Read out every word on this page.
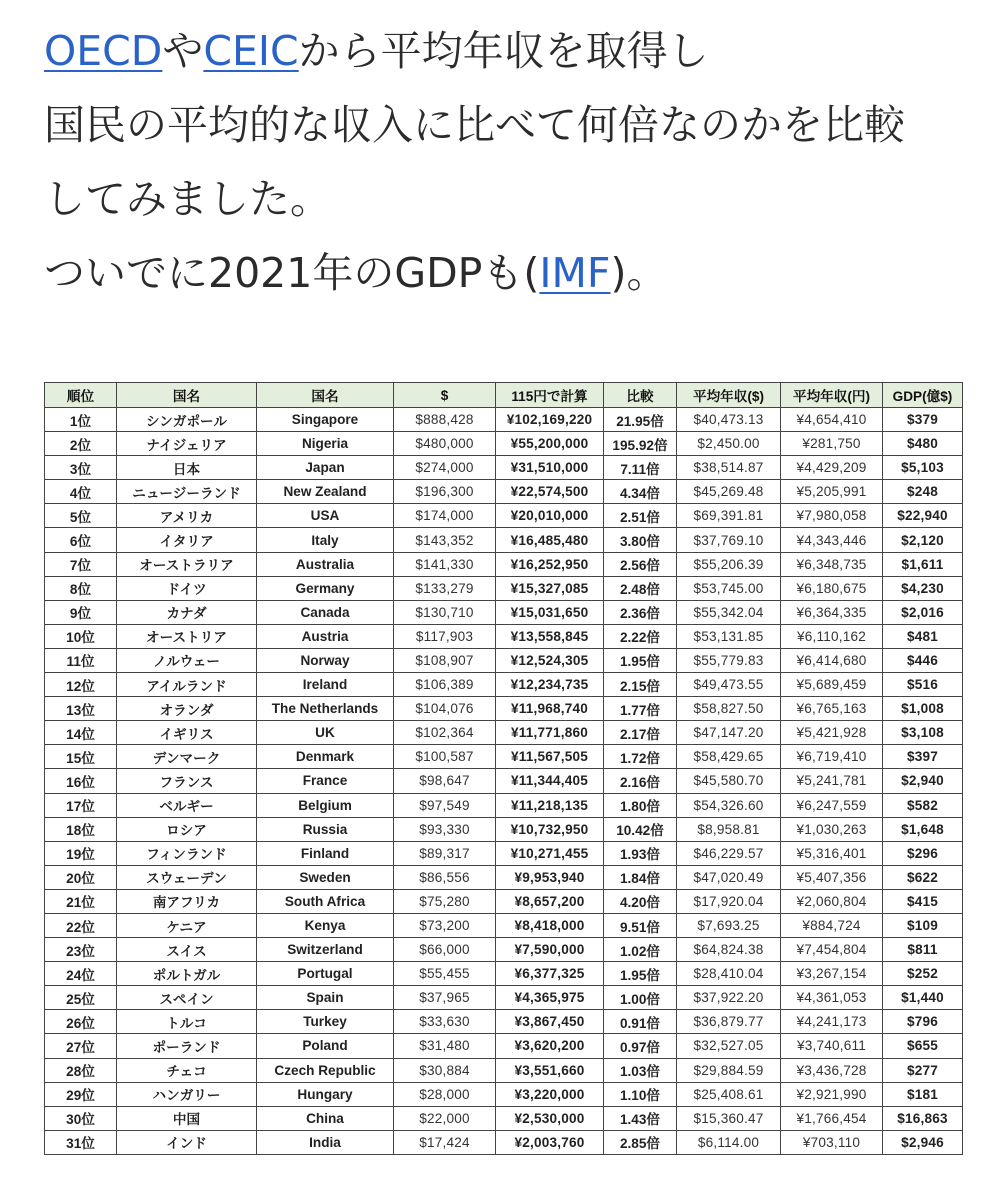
OECDやCEICから平均年収を取得し

国民の平均的な収入に比べて何倍なのかを比較

してみました。

ついでに2021年のGDPも(IMF)。

順位	国名	国名	$	115円で計算	比較	平均年収($)	平均年収(円)	GDP(億$)
1位	シンガポール	Singapore	$888,428	¥102,169,220	21.95倍	$40,473.13	¥4,654,410	$379
2位	ナイジェリア	Nigeria	$480,000	¥55,200,000	195.92倍	$2,450.00	¥281,750	$480
3位	日本	Japan	$274,000	¥31,510,000	7.11倍	$38,514.87	¥4,429,209	$5,103
4位	ニュージーランド	New Zealand	$196,300	¥22,574,500	4.34倍	$45,269.48	¥5,205,991	$248
5位	アメリカ	USA	$174,000	¥20,010,000	2.51倍	$69,391.81	¥7,980,058	$22,940
6位	イタリア	Italy	$143,352	¥16,485,480	3.80倍	$37,769.10	¥4,343,446	$2,120
7位	オーストラリア	Australia	$141,330	¥16,252,950	2.56倍	$55,206.39	¥6,348,735	$1,611
8位	ドイツ	Germany	$133,279	¥15,327,085	2.48倍	$53,745.00	¥6,180,675	$4,230
9位	カナダ	Canada	$130,710	¥15,031,650	2.36倍	$55,342.04	¥6,364,335	$2,016
10位	オーストリア	Austria	$117,903	¥13,558,845	2.22倍	$53,131.85	¥6,110,162	$481
11位	ノルウェー	Norway	$108,907	¥12,524,305	1.95倍	$55,779.83	¥6,414,680	$446
12位	アイルランド	Ireland	$106,389	¥12,234,735	2.15倍	$49,473.55	¥5,689,459	$516
13位	オランダ	The Netherlands	$104,076	¥11,968,740	1.77倍	$58,827.50	¥6,765,163	$1,008
14位	イギリス	UK	$102,364	¥11,771,860	2.17倍	$47,147.20	¥5,421,928	$3,108
15位	デンマーク	Denmark	$100,587	¥11,567,505	1.72倍	$58,429.65	¥6,719,410	$397
16位	フランス	France	$98,647	¥11,344,405	2.16倍	$45,580.70	¥5,241,781	$2,940
17位	ベルギー	Belgium	$97,549	¥11,218,135	1.80倍	$54,326.60	¥6,247,559	$582
18位	ロシア	Russia	$93,330	¥10,732,950	10.42倍	$8,958.81	¥1,030,263	$1,648
19位	フィンランド	Finland	$89,317	¥10,271,455	1.93倍	$46,229.57	¥5,316,401	$296
20位	スウェーデン	Sweden	$86,556	¥9,953,940	1.84倍	$47,020.49	¥5,407,356	$622
21位	南アフリカ	South Africa	$75,280	¥8,657,200	4.20倍	$17,920.04	¥2,060,804	$415
22位	ケニア	Kenya	$73,200	¥8,418,000	9.51倍	$7,693.25	¥884,724	$109
23位	スイス	Switzerland	$66,000	¥7,590,000	1.02倍	$64,824.38	¥7,454,804	$811
24位	ポルトガル	Portugal	$55,455	¥6,377,325	1.95倍	$28,410.04	¥3,267,154	$252
25位	スペイン	Spain	$37,965	¥4,365,975	1.00倍	$37,922.20	¥4,361,053	$1,440
26位	トルコ	Turkey	$33,630	¥3,867,450	0.91倍	$36,879.77	¥4,241,173	$796
27位	ポーランド	Poland	$31,480	¥3,620,200	0.97倍	$32,527.05	¥3,740,611	$655
28位	チェコ	Czech Republic	$30,884	¥3,551,660	1.03倍	$29,884.59	¥3,436,728	$277
29位	ハンガリー	Hungary	$28,000	¥3,220,000	1.10倍	$25,408.61	¥2,921,990	$181
30位	中国	China	$22,000	¥2,530,000	1.43倍	$15,360.47	¥1,766,454	$16,863
31位	インド	India	$17,424	¥2,003,760	2.85倍	$6,114.00	¥703,110	$2,946
